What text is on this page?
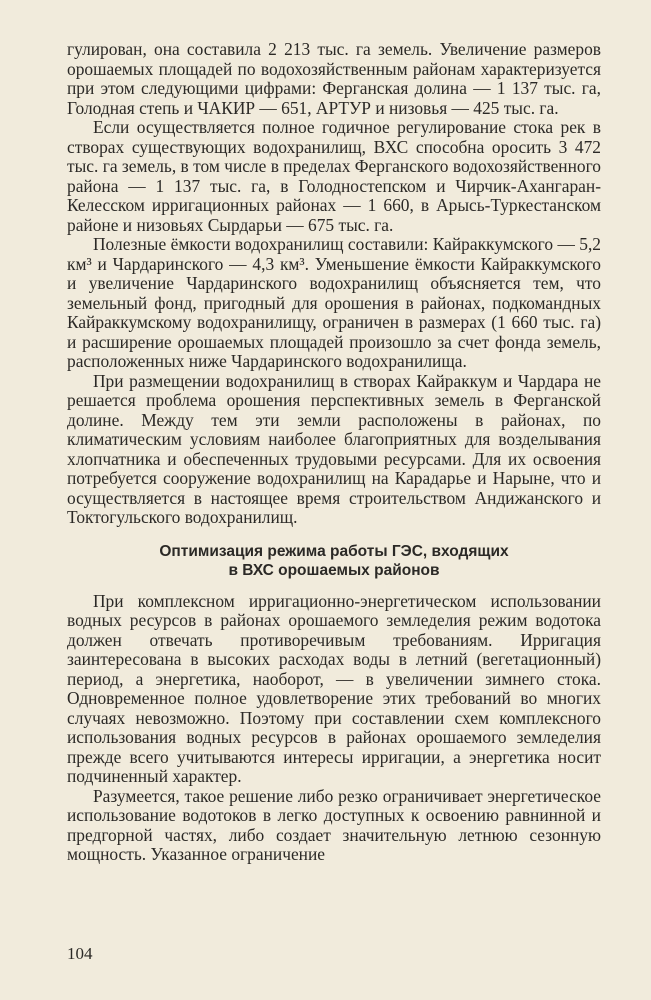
гулирован, она составила 2 213 тыс. га земель. Увеличение размеров орошаемых площадей по водохозяйственным районам характеризуется при этом следующими цифрами: Ферганская долина — 1 137 тыс. га, Голодная степь и ЧАКИР — 651, АРТУР и низовья — 425 тыс. га.

Если осуществляется полное годичное регулирование стока рек в створах существующих водохранилищ, ВХС способна оросить 3 472 тыс. га земель, в том числе в пределах Ферганского водохозяйственного района — 1 137 тыс. га, в Голодностепском и Чирчик-Ахангаран-Келесском ирригационных районах — 1 660, в Арысь-Туркестанском районе и низовьях Сырдарьи — 675 тыс. га.

Полезные ёмкости водохранилищ составили: Кайраккумского — 5,2 км³ и Чардаринского — 4,3 км³. Уменьшение ёмкости Кайраккумского и увеличение Чардаринского водохранилищ объясняется тем, что земельный фонд, пригодный для орошения в районах, подкомандных Кайраккумскому водохранилищу, ограничен в размерах (1 660 тыс. га) и расширение орошаемых площадей произошло за счет фонда земель, расположенных ниже Чардаринского водохранилища.

При размещении водохранилищ в створах Кайраккум и Чардара не решается проблема орошения перспективных земель в Ферганской долине. Между тем эти земли расположены в районах, по климатическим условиям наиболее благоприятных для возделывания хлопчатника и обеспеченных трудовыми ресурсами. Для их освоения потребуется сооружение водохранилищ на Карадарье и Нарыне, что и осуществляется в настоящее время строительством Андижанского и Токтогульского водохранилищ.

Оптимизация режима работы ГЭС, входящих
в ВХС орошаемых районов

При комплексном ирригационно-энергетическом использовании водных ресурсов в районах орошаемого земледелия режим водотока должен отвечать противоречивым требованиям. Ирригация заинтересована в высоких расходах воды в летний (вегетационный) период, а энергетика, наоборот, — в увеличении зимнего стока. Одновременное полное удовлетворение этих требований во многих случаях невозможно. Поэтому при составлении схем комплексного использования водных ресурсов в районах орошаемого земледелия прежде всего учитываются интересы ирригации, а энергетика носит подчиненный характер.

Разумеется, такое решение либо резко ограничивает энергетическое использование водотоков в легко доступных к освоению равнинной и предгорной частях, либо создает значительную летнюю сезонную мощность. Указанное ограничение

104
